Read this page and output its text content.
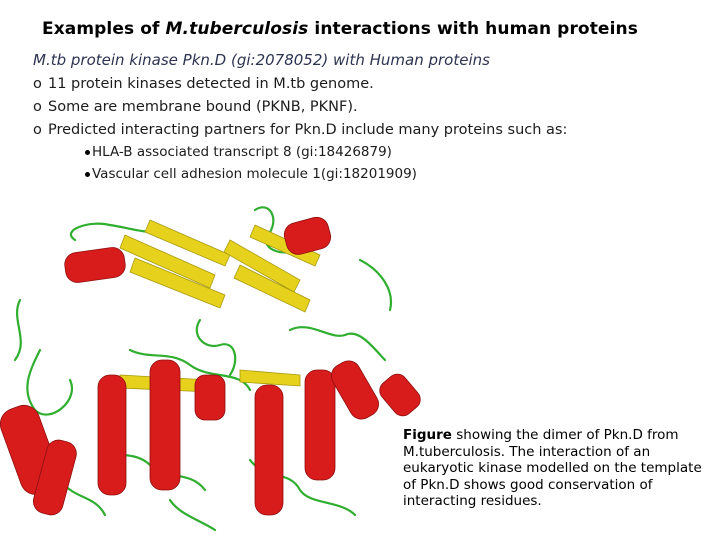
Examples of M.tuberculosis interactions with human proteins
M.tb protein kinase Pkn.D (gi:2078052) with Human proteins
o 11 protein kinases detected in M.tb genome.
o Some are membrane bound (PKNB, PKNF).
o Predicted interacting partners for Pkn.D include many proteins such as:
HLA-B associated transcript 8 (gi:18426879)
Vascular cell adhesion molecule 1(gi:18201909)
Figure showing the dimer of Pkn.D from M.tuberculosis. The interaction of an eukaryotic kinase modelled on the template of Pkn.D shows good conservation of interacting residues.
